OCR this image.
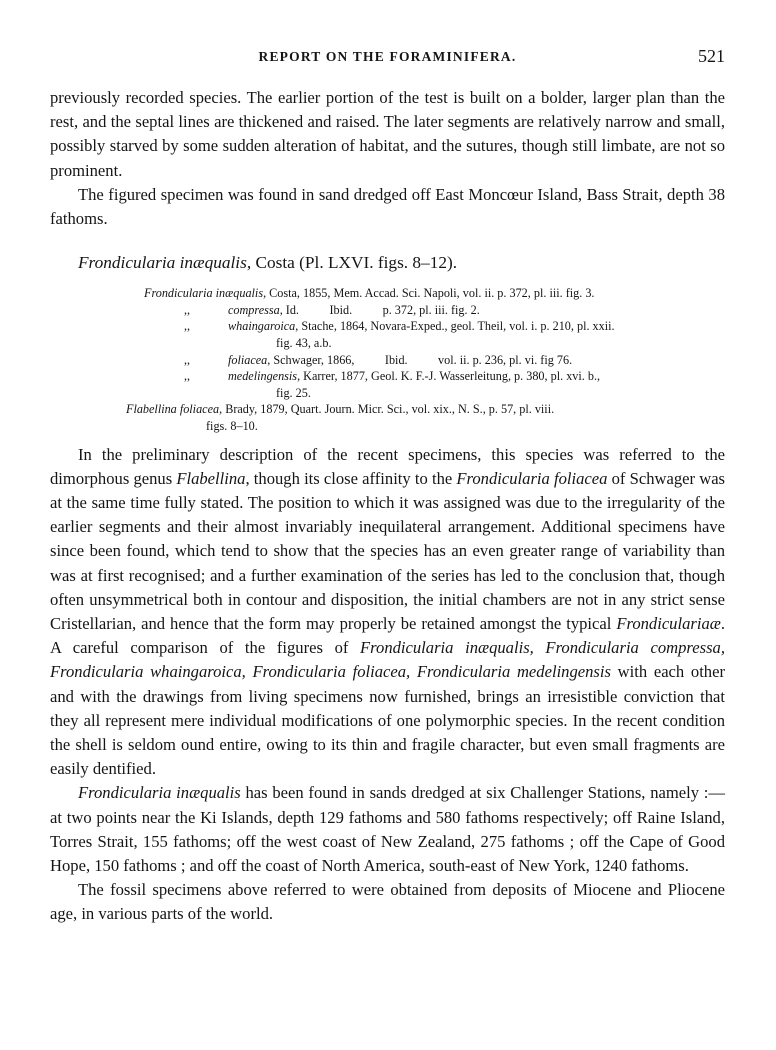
REPORT ON THE FORAMINIFERA.	521

previously recorded species. The earlier portion of the test is built on a bolder, larger plan than the rest, and the septal lines are thickened and raised. The later segments are relatively narrow and small, possibly starved by some sudden alteration of habitat, and the sutures, though still limbate, are not so prominent.

The figured specimen was found in sand dredged off East Moncœur Island, Bass Strait, depth 38 fathoms.

Frondicularia inæqualis, Costa (Pl. LXVI. figs. 8–12).
Frondicularia inæqualis, Costa, 1855, Mem. Accad. Sci. Napoli, vol. ii. p. 372, pl. iii. fig. 3.
,,	compressa, Id.          Ibid.          p. 372, pl. iii. fig. 2.
,,	whaingaroica, Stache, 1864, Novara-Exped., geol. Theil, vol. i. p. 210, pl. xxii.
fig. 43, a.b.
,,	foliacea, Schwager, 1866,          Ibid.          vol. ii. p. 236, pl. vi. fig 76.
,,	medelingensis, Karrer, 1877, Geol. K. F.-J. Wasserleitung, p. 380, pl. xvi. b.,
fig. 25.
Flabellina foliacea, Brady, 1879, Quart. Journ. Micr. Sci., vol. xix., N. S., p. 57, pl. viii.
figs. 8–10.

In the preliminary description of the recent specimens, this species was referred to the dimorphous genus Flabellina, though its close affinity to the Frondicularia foliacea of Schwager was at the same time fully stated. The position to which it was assigned was due to the irregularity of the earlier segments and their almost invariably inequilateral arrangement. Additional specimens have since been found, which tend to show that the species has an even greater range of variability than was at first recognised; and a further examination of the series has led to the conclusion that, though often unsymmetrical both in contour and disposition, the initial chambers are not in any strict sense Cristellarian, and hence that the form may properly be retained amongst the typical Frondiculariaæ. A careful comparison of the figures of Frondicularia inæqualis, Frondicularia compressa, Frondicularia whaingaroica, Frondicularia foliacea, Frondicularia medelingensis with each other and with the drawings from living specimens now furnished, brings an irresistible conviction that they all represent mere individual modifications of one polymorphic species. In the recent condition the shell is seldom ound entire, owing to its thin and fragile character, but even small fragments are easily dentified.

Frondicularia inæqualis has been found in sands dredged at six Challenger Stations, namely :—at two points near the Ki Islands, depth 129 fathoms and 580 fathoms respectively; off Raine Island, Torres Strait, 155 fathoms; off the west coast of New Zealand, 275 fathoms ; off the Cape of Good Hope, 150 fathoms ; and off the coast of North America, south-east of New York, 1240 fathoms.

The fossil specimens above referred to were obtained from deposits of Miocene and Pliocene age, in various parts of the world.
